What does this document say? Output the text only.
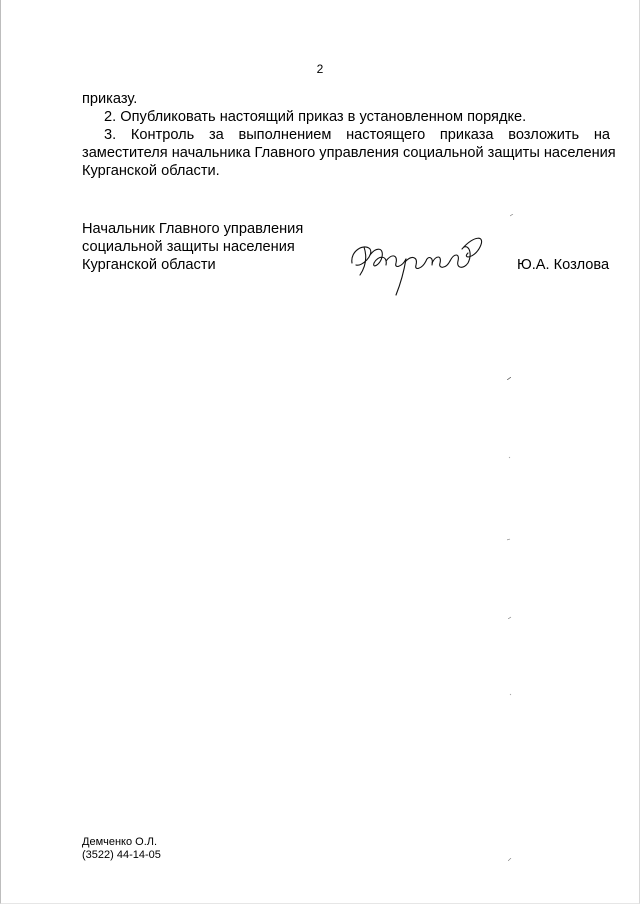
2
приказу.
2. Опубликовать настоящий приказ в установленном порядке.
3. Контроль за выполнением настоящего приказа возложить на
заместителя начальника Главного управления социальной защиты населения
Курганской области.
Начальник Главного управления
социальной защиты населения
Курганской области	Ю.А. Козлова
Демченко О.Л.
(3522) 44-14-05
